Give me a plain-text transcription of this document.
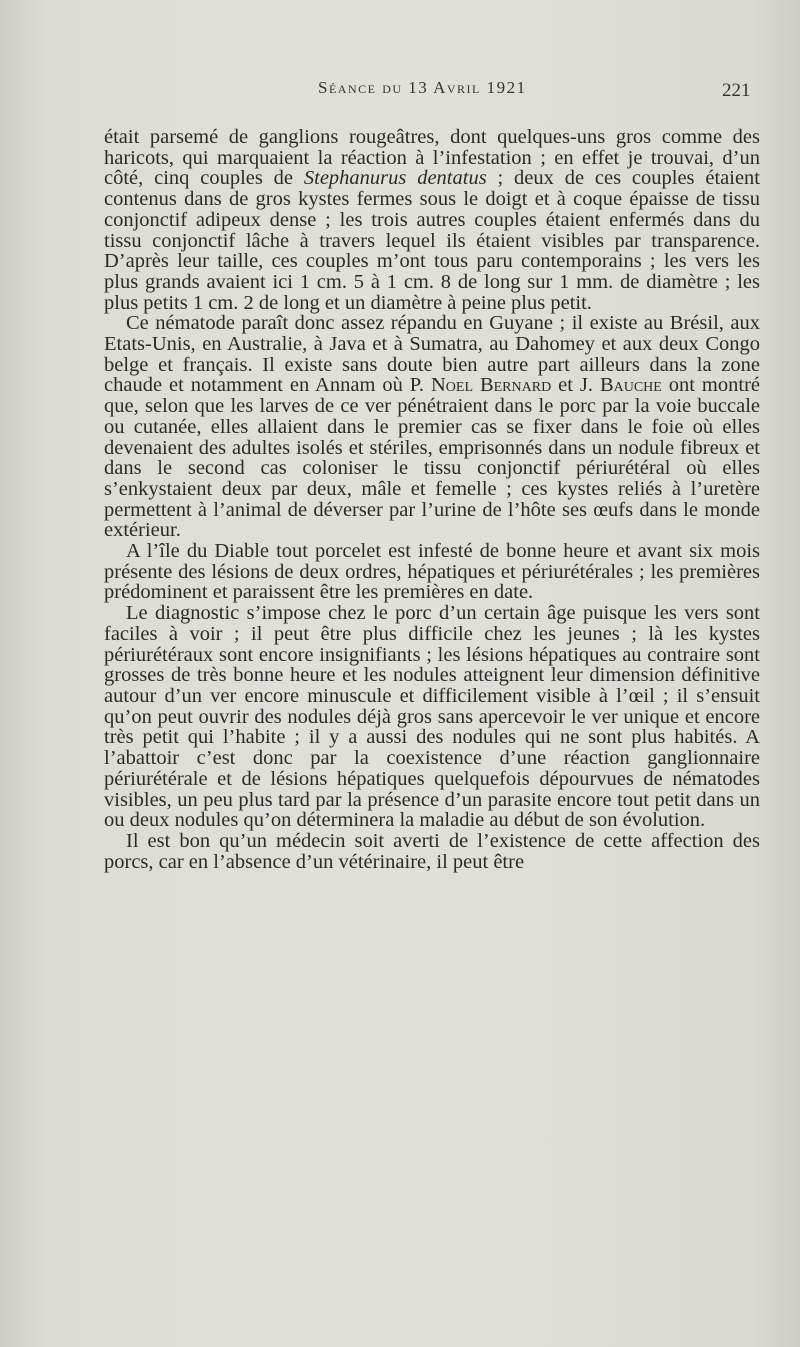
Séance du 13 Avril 1921	221

était parsemé de ganglions rougeâtres, dont quelques-uns gros comme des haricots, qui marquaient la réaction à l’infestation ; en effet je trouvai, d’un côté, cinq couples de Stephanurus dentatus ; deux de ces couples étaient contenus dans de gros kystes fermes sous le doigt et à coque épaisse de tissu conjonctif adipeux dense ; les trois autres couples étaient enfermés dans du tissu conjonctif lâche à travers lequel ils étaient visibles par transparence. D’après leur taille, ces couples m’ont tous paru contemporains ; les vers les plus grands avaient ici 1 cm. 5 à 1 cm. 8 de long sur 1 mm. de diamètre ; les plus petits 1 cm. 2 de long et un diamètre à peine plus petit.

Ce nématode paraît donc assez répandu en Guyane ; il existe au Brésil, aux Etats-Unis, en Australie, à Java et à Sumatra, au Dahomey et aux deux Congo belge et français. Il existe sans doute bien autre part ailleurs dans la zone chaude et notamment en Annam où P. Noel Bernard et J. Bauche ont montré que, selon que les larves de ce ver pénétraient dans le porc par la voie buccale ou cutanée, elles allaient dans le premier cas se fixer dans le foie où elles devenaient des adultes isolés et stériles, emprisonnés dans un nodule fibreux et dans le second cas coloniser le tissu conjonctif périurétéral où elles s’enkystaient deux par deux, mâle et femelle ; ces kystes reliés à l’uretère permettent à l’animal de déverser par l’urine de l’hôte ses œufs dans le monde extérieur.

A l’île du Diable tout porcelet est infesté de bonne heure et avant six mois présente des lésions de deux ordres, hépatiques et périurétérales ; les premières prédominent et paraissent être les premières en date.

Le diagnostic s’impose chez le porc d’un certain âge puisque les vers sont faciles à voir ; il peut être plus difficile chez les jeunes ; là les kystes périurétéraux sont encore insignifiants ; les lésions hépatiques au contraire sont grosses de très bonne heure et les nodules atteignent leur dimension définitive autour d’un ver encore minuscule et difficilement visible à l’œil ; il s’ensuit qu’on peut ouvrir des nodules déjà gros sans apercevoir le ver unique et encore très petit qui l’habite ; il y a aussi des nodules qui ne sont plus habités. A l’abattoir c’est donc par la coexistence d’une réaction ganglionnaire périurétérale et de lésions hépatiques quelquefois dépourvues de nématodes visibles, un peu plus tard par la présence d’un parasite encore tout petit dans un ou deux nodules qu’on déterminera la maladie au début de son évolution.

Il est bon qu’un médecin soit averti de l’existence de cette affection des porcs, car en l’absence d’un vétérinaire, il peut être
